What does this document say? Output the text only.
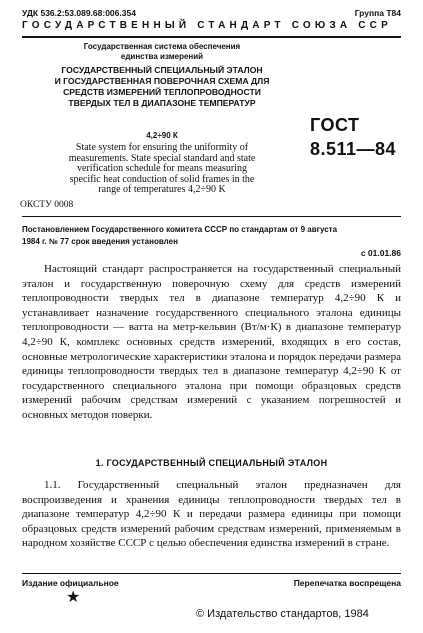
УДК 536.2:53.089.68:006.354	Группа Т84
ГОСУДАРСТВЕННЫЙ СТАНДАРТ СОЮЗА ССР
Государственная система обеспечения
единства измерений
ГОСУДАРСТВЕННЫЙ СПЕЦИАЛЬНЫЙ ЭТАЛОН
И ГОСУДАРСТВЕННАЯ ПОВЕРОЧНАЯ СХЕМА ДЛЯ
СРЕДСТВ ИЗМЕРЕНИЙ ТЕПЛОПРОВОДНОСТИ
ТВЕРДЫХ ТЕЛ В ДИАПАЗОНЕ ТЕМПЕРАТУР
4,2÷90 К
State system for ensuring the uniformity of
measurements. State special standard and state
verification schedule for means measuring
specific heat conduction of solid frames in the
range of temperatures 4,2÷90 K
ГОСТ
8.511—84
ОКСТУ 0008
Постановлением Государственного комитета СССР по стандартам от 9 августа
1984 г. № 77 срок введения установлен
с 01.01.86

Настоящий стандарт распространяется на государственный специальный эталон и государственную поверочную схему для средств измерений теплопроводности твердых тел в диапазоне температур 4,2÷90 К и устанавливает назначение государственного специального эталона единицы теплопроводности — ватта на метр-кельвин (Вт/м·К) в диапазоне температур 4,2÷90 К, комплекс основных средств измерений, входящих в его состав, основные метрологические характеристики эталона и порядок передачи размера единицы теплопроводности твердых тел в диапазоне температур 4,2÷90 К от государственного специального эталона при помощи образцовых средств измерений рабочим средствам измерений с указанием погрешностей и основных методов поверки.

1. ГОСУДАРСТВЕННЫЙ СПЕЦИАЛЬНЫЙ ЭТАЛОН

1.1. Государственный специальный эталон предназначен для воспроизведения и хранения единицы теплопроводности твердых тел в диапазоне температур 4,2÷90 К и передачи размера единицы при помощи образцовых средств измерений рабочим средствам измерений, применяемым в народном хозяйстве СССР с целью обеспечения единства измерений в стране.

Издание официальное	Перепечатка воспрещена
★
© Издательство стандартов, 1984
